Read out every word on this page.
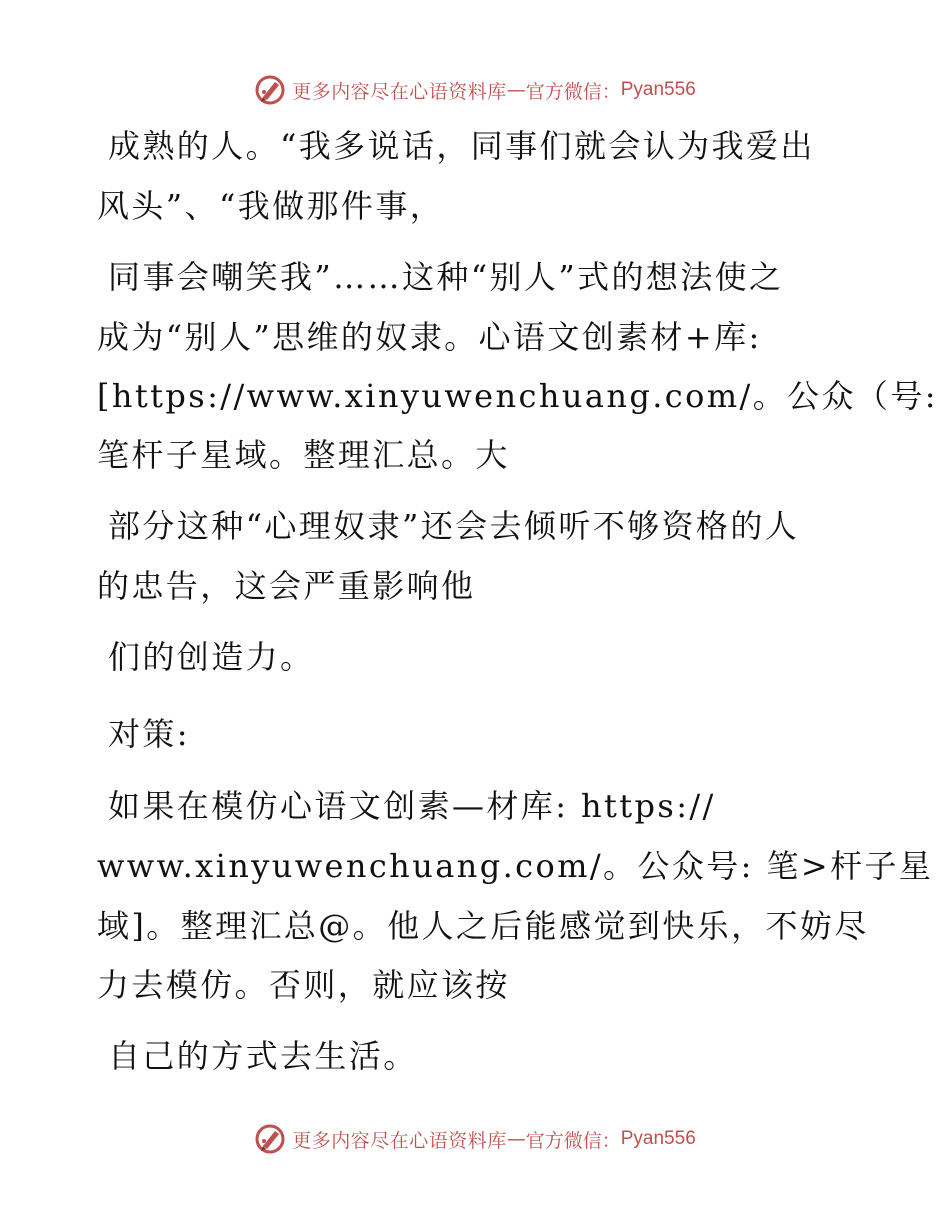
更多内容尽在心语资料库 — 官方微信： Pyan556
成熟的人。“我多说话，同事们就会认为我爱出
风头”、“我做那件事，
同事会嘲笑我”……这种“别人”式的想法使之
成为“别人”思维的奴隶。心语文创素材+库:
[https://www.xinyuwenchuang.com/。公众（号:
笔杆子星域。整理汇总。大
部分这种“心理奴隶”还会去倾听不够资格的人
的忠告，这会严重影响他
们的创造力。
对策:
如果在模仿心语文创素—材库: https://
www.xinyuwenchuang.com/。公众号: 笔>杆子星
域]。整理汇总@。他人之后能感觉到快乐，不妨尽
力去模仿。否则，就应该按
自己的方式去生活。
更多内容尽在心语资料库 — 官方微信： Pyan556
